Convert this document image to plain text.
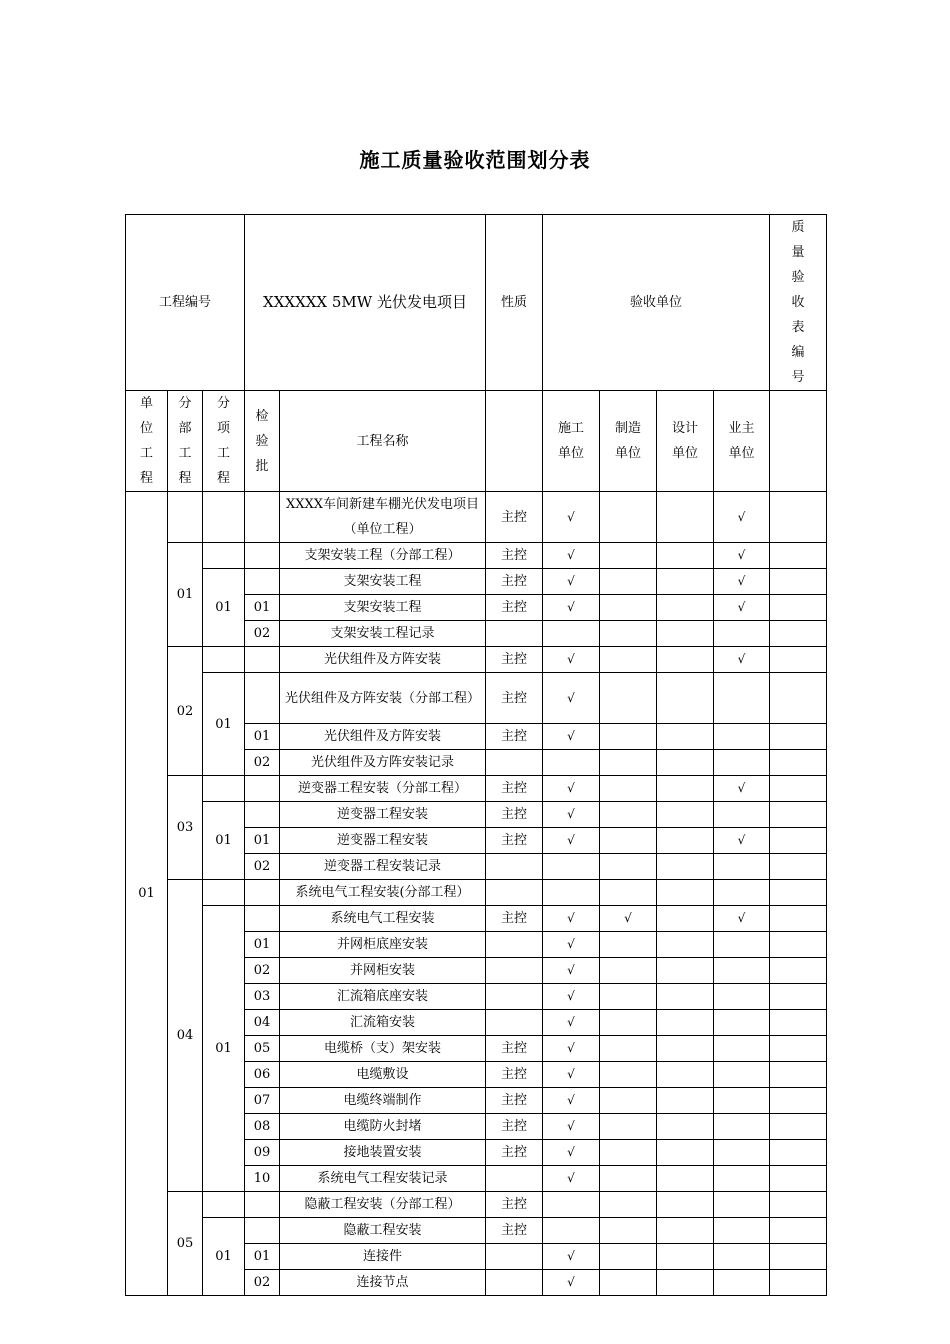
施工质量验收范围划分表
工程编号			XXXXXX 5MW 光伏发电项目		性质	验收单位				质量验收表编号

单位工程	分部工程	分项工程	检验批	工程名称		施工单位	制造单位	设计单位	业主单位	

01				XXXX车间新建车棚光伏发电项目（单位工程）	主控	√			√	
	01			支架安装工程（分部工程）	主控	√			√	
		01		支架安装工程	主控	√			√	
			01	支架安装工程	主控	√			√	
			02	支架安装工程记录						
	02			光伏组件及方阵安装	主控	√			√	
		01		光伏组件及方阵安装（分部工程）	主控	√				
			01	光伏组件及方阵安装	主控	√				
			02	光伏组件及方阵安装记录						
	03			逆变器工程安装（分部工程）	主控	√			√	
		01		逆变器工程安装	主控	√				
			01	逆变器工程安装	主控	√			√	
			02	逆变器工程安装记录						
	04			系统电气工程安装(分部工程）						
		01		系统电气工程安装	主控	√	√		√	
			01	并网柜底座安装		√				
			02	并网柜安装		√				
			03	汇流箱底座安装		√				
			04	汇流箱安装		√				
			05	电缆桥（支）架安装	主控	√				
			06	电缆敷设	主控	√				
			07	电缆终端制作	主控	√				
			08	电缆防火封堵	主控	√				
			09	接地装置安装	主控	√				
			10	系统电气工程安装记录		√				
	05			隐蔽工程安装（分部工程）	主控					
		01		隐蔽工程安装	主控					
			01	连接件		√				
			02	连接节点		√				
